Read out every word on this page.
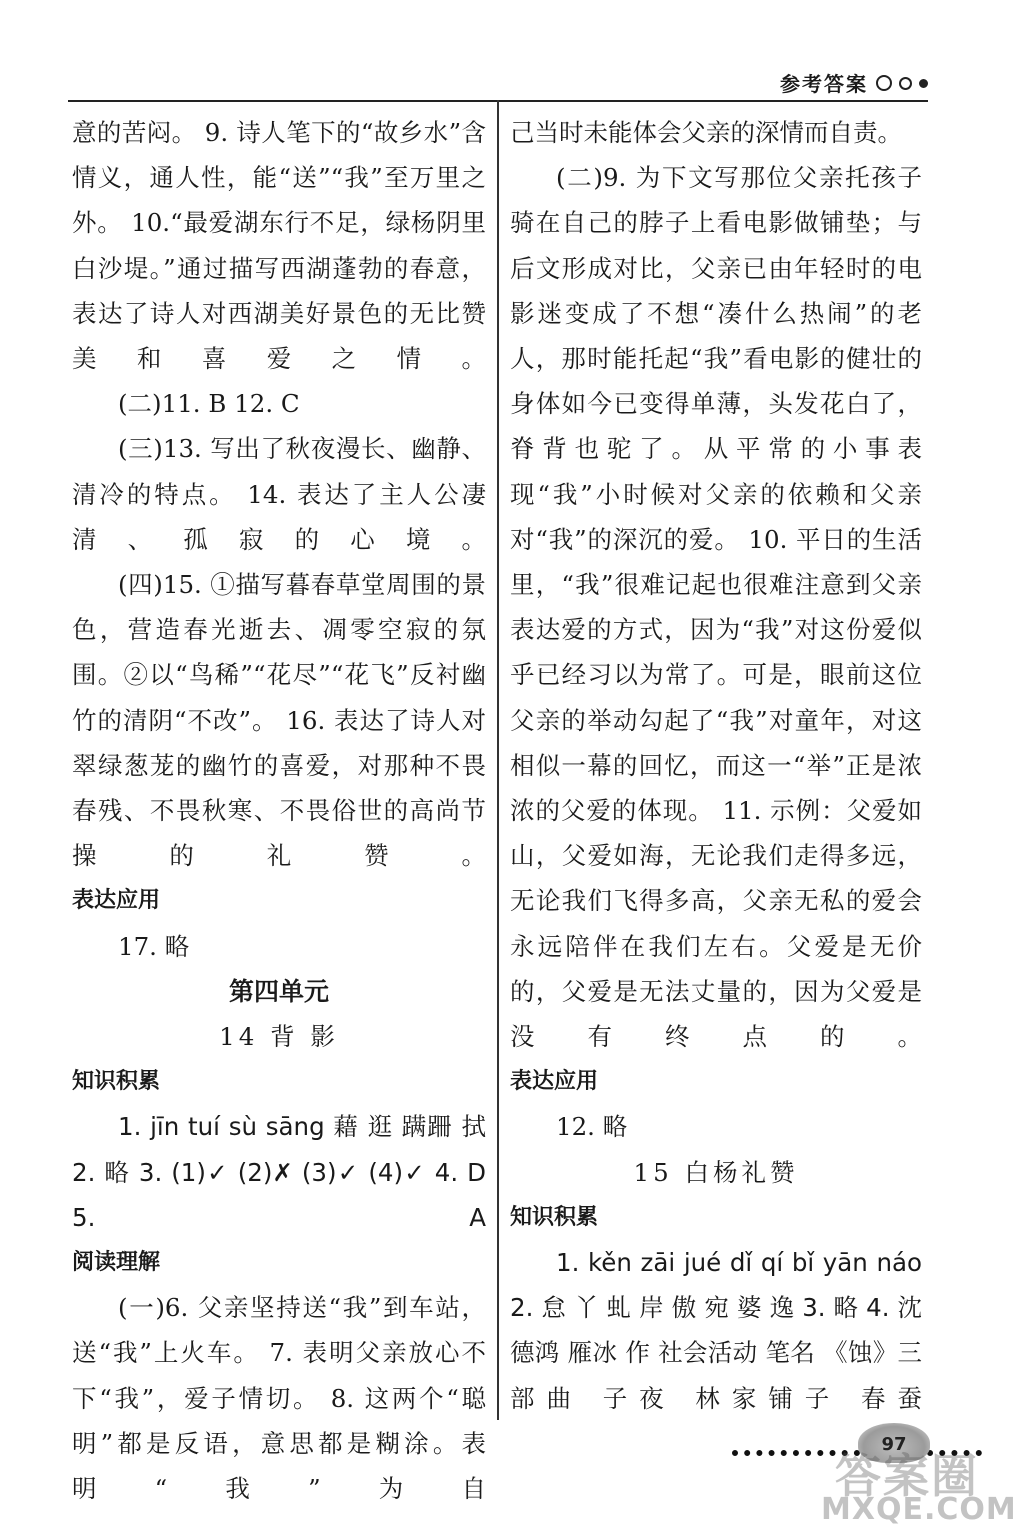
参考答案

意的苦闷。 9. 诗人笔下的“故乡水”含情义，通人性，能“送”“我”至万里之外。 10.“最爱湖东行不足，绿杨阴里白沙堤。”通过描写西湖蓬勃的春意，表达了诗人对西湖美好景色的无比赞美和喜爱之情。

(二)11. B 12. C

(三)13. 写出了秋夜漫长、幽静、清冷的特点。 14. 表达了主人公凄清、孤寂的心境。

(四)15. ①描写暮春草堂周围的景色，营造春光逝去、凋零空寂的氛围。②以“鸟稀”“花尽”“花飞”反衬幽竹的清阴“不改”。 16. 表达了诗人对翠绿葱茏的幽竹的喜爱，对那种不畏春残、不畏秋寒、不畏俗世的高尚节操的礼赞。

表达应用

17. 略

第四单元

14 背 影

知识积累

1. jīn tuí sù sāng 藉 逛 蹒跚 拭 2. 略 3. (1)✓ (2)✗ (3)✓ (4)✓ 4. D 5. A

阅读理解

(一)6. 父亲坚持送“我”到车站，送“我”上火车。 7. 表明父亲放心不下“我”，爱子情切。 8. 这两个“聪明”都是反语，意思都是糊涂。表明“我”为自

己当时未能体会父亲的深情而自责。

(二)9. 为下文写那位父亲托孩子骑在自己的脖子上看电影做铺垫；与后文形成对比，父亲已由年轻时的电影迷变成了不想“凑什么热闹”的老人，那时能托起“我”看电影的健壮的身体如今已变得单薄，头发花白了，脊背也驼了。从平常的小事表现“我”小时候对父亲的依赖和父亲对“我”的深沉的爱。 10. 平日的生活里，“我”很难记起也很难注意到父亲表达爱的方式，因为“我”对这份爱似乎已经习以为常了。可是，眼前这位父亲的举动勾起了“我”对童年，对这相似一幕的回忆，而这一“举”正是浓浓的父爱的体现。 11. 示例：父爱如山，父爱如海，无论我们走得多远，无论我们飞得多高，父亲无私的爱会永远陪伴在我们左右。父爱是无价的，父爱是无法丈量的，因为父爱是没有终点的。

表达应用

12. 略

15 白杨礼赞

知识积累

1. kěn zāi jué dǐ qí bǐ yān náo 2. 怠 丫 虬 岸 傲 宛 婆 逸 3. 略 4. 沈德鸿 雁冰 作 社会活动 笔名 《蚀》三部曲 子夜 林家铺子 春蚕

97
答案圈
MXQE.COM
